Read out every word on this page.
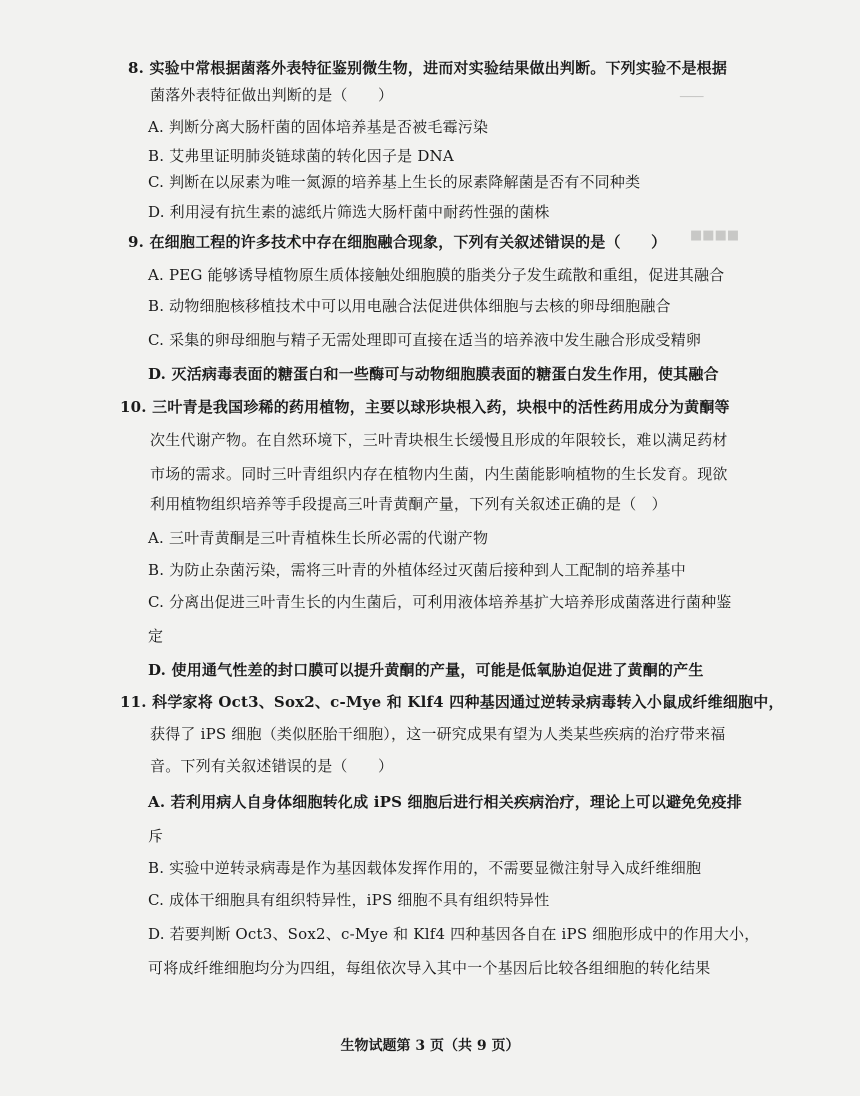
───
■■■■
8. 实验中常根据菌落外表特征鉴别微生物，进而对实验结果做出判断。下列实验不是根据
菌落外表特征做出判断的是（　　）
A. 判断分离大肠杆菌的固体培养基是否被毛霉污染
B. 艾弗里证明肺炎链球菌的转化因子是 DNA
C. 判断在以尿素为唯一氮源的培养基上生长的尿素降解菌是否有不同种类
D. 利用浸有抗生素的滤纸片筛选大肠杆菌中耐药性强的菌株
9. 在细胞工程的许多技术中存在细胞融合现象，下列有关叙述错误的是（　　）
A. PEG 能够诱导植物原生质体接触处细胞膜的脂类分子发生疏散和重组，促进其融合
B. 动物细胞核移植技术中可以用电融合法促进供体细胞与去核的卵母细胞融合
C. 采集的卵母细胞与精子无需处理即可直接在适当的培养液中发生融合形成受精卵
D. 灭活病毒表面的糖蛋白和一些酶可与动物细胞膜表面的糖蛋白发生作用，使其融合
10. 三叶青是我国珍稀的药用植物，主要以球形块根入药，块根中的活性药用成分为黄酮等
次生代谢产物。在自然环境下，三叶青块根生长缓慢且形成的年限较长，难以满足药材
市场的需求。同时三叶青组织内存在植物内生菌，内生菌能影响植物的生长发育。现欲
利用植物组织培养等手段提高三叶青黄酮产量，下列有关叙述正确的是（　）
A. 三叶青黄酮是三叶青植株生长所必需的代谢产物
B. 为防止杂菌污染，需将三叶青的外植体经过灭菌后接种到人工配制的培养基中
C. 分离出促进三叶青生长的内生菌后，可利用液体培养基扩大培养形成菌落进行菌种鉴
定
D. 使用通气性差的封口膜可以提升黄酮的产量，可能是低氧胁迫促进了黄酮的产生
11. 科学家将 Oct3、Sox2、c-Mye 和 Klf4 四种基因通过逆转录病毒转入小鼠成纤维细胞中，
获得了 iPS 细胞（类似胚胎干细胞），这一研究成果有望为人类某些疾病的治疗带来福
音。下列有关叙述错误的是（　　）
A. 若利用病人自身体细胞转化成 iPS 细胞后进行相关疾病治疗，理论上可以避免免疫排
斥
B. 实验中逆转录病毒是作为基因载体发挥作用的，不需要显微注射导入成纤维细胞
C. 成体干细胞具有组织特异性，iPS 细胞不具有组织特异性
D. 若要判断 Oct3、Sox2、c-Mye 和 Klf4 四种基因各自在 iPS 细胞形成中的作用大小，
可将成纤维细胞均分为四组，每组依次导入其中一个基因后比较各组细胞的转化结果
生物试题第 3 页（共 9 页）
